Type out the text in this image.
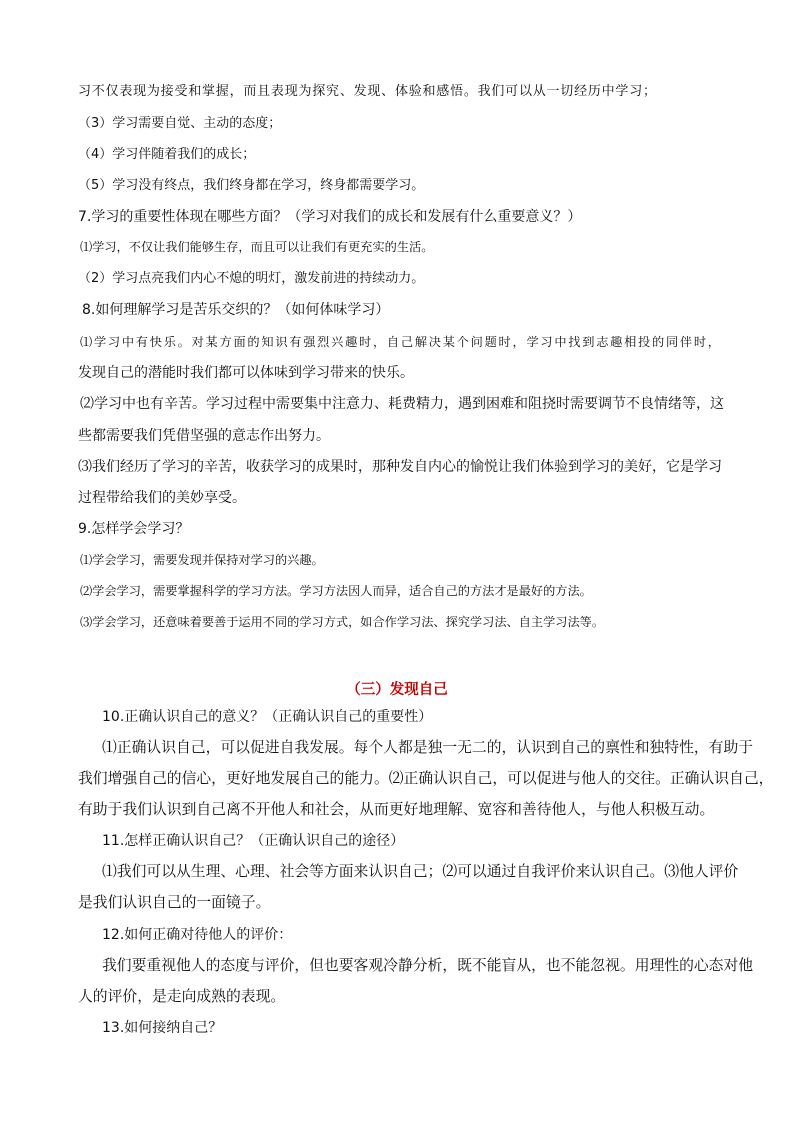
习不仅表现为接受和掌握，而且表现为探究、发现、体验和感悟。我们可以从一切经历中学习；
（3）学习需要自觉、主动的态度；
（4）学习伴随着我们的成长；
（5）学习没有终点，我们终身都在学习，终身都需要学习。
7.学习的重要性体现在哪些方面？（学习对我们的成长和发展有什么重要意义？）
⑴学习，不仅让我们能够生存，而且可以让我们有更充实的生活。
（2）学习点亮我们内心不熄的明灯，激发前进的持续动力。
8.如何理解学习是苦乐交织的？（如何体味学习）
⑴学习中有快乐。对某方面的知识有强烈兴趣时，自己解决某个问题时，学习中找到志趣相投的同伴时，
发现自己的潜能时我们都可以体味到学习带来的快乐。
⑵学习中也有辛苦。学习过程中需要集中注意力、耗费精力，遇到困难和阻挠时需要调节不良情绪等，这
些都需要我们凭借坚强的意志作出努力。
⑶我们经历了学习的辛苦，收获学习的成果时，那种发自内心的愉悦让我们体验到学习的美好，它是学习
过程带给我们的美妙享受。
9.怎样学会学习？
⑴学会学习，需要发现并保持对学习的兴趣。
⑵学会学习，需要掌握科学的学习方法。学习方法因人而异，适合自己的方法才是最好的方法。
⑶学会学习，还意味着要善于运用不同的学习方式，如合作学习法、探究学习法、自主学习法等。
（三）发现自己
10.正确认识自己的意义？（正确认识自己的重要性）
⑴正确认识自己，可以促进自我发展。每个人都是独一无二的，认识到自己的禀性和独特性，有助于
我们增强自己的信心，更好地发展自己的能力。⑵正确认识自己，可以促进与他人的交往。正确认识自己，
有助于我们认识到自己离不开他人和社会，从而更好地理解、宽容和善待他人，与他人积极互动。
11.怎样正确认识自己？（正确认识自己的途径）
⑴我们可以从生理、心理、社会等方面来认识自己；⑵可以通过自我评价来认识自己。⑶他人评价
是我们认识自己的一面镜子。
12.如何正确对待他人的评价：
我们要重视他人的态度与评价，但也要客观冷静分析，既不能盲从，也不能忽视。用理性的心态对他
人的评价，是走向成熟的表现。
13.如何接纳自己？
